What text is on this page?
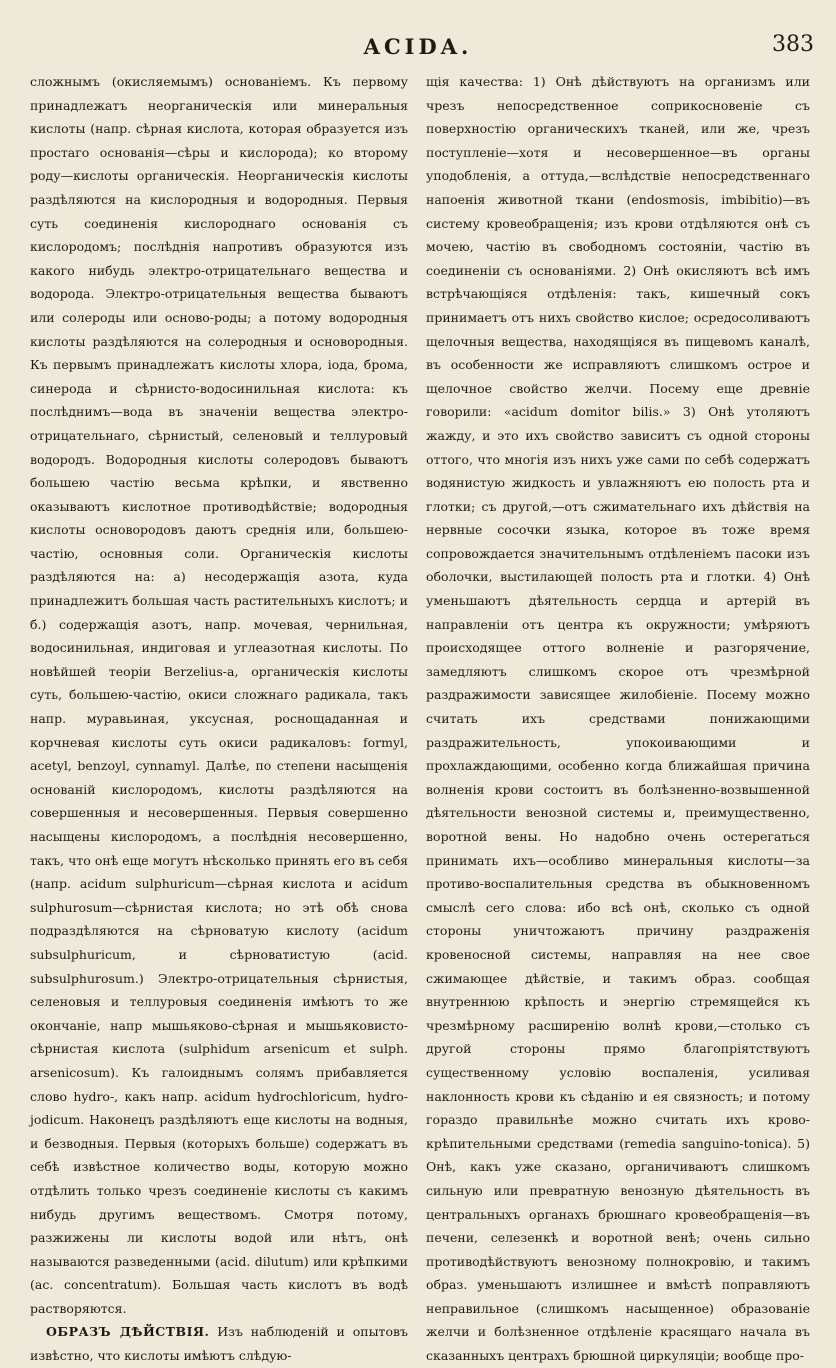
ACIDA.	383

сложнымъ (окисляемымъ) основанiемъ. Къ первому принадлежатъ неорганическiя или минеральныя кислоты (напр. сѣрная кислота, которая образуется изъ простаго основанiя—сѣры и кислорода); ко второму роду—кислоты органическiя. Неорганическiя кислоты раздѣляются на кислородныя и водородныя. Первыя суть соединенiя кислороднаго основанiя съ кислородомъ; послѣднiя напротивъ образуются изъ какого нибудь электро-отрицательнаго вещества и водорода. Электро-отрицательныя вещества бываютъ или солероды или осново-роды; а потому водородныя кислоты раздѣляются на солеродныя и основородныя. Къ первымъ принадлежатъ кислоты хлора, iода, брома, синерода и сѣрнисто-водосинильная кислота: къ послѣднимъ—вода въ значенiи вещества электро-отрицательнаго, сѣрнистый, селеновый и теллуровый водородъ. Водородныя кислоты солеродовъ бываютъ большею частiю весьма крѣпки, и явственно оказываютъ кислотное противодѣйствiе; водородныя кислоты основородовъ даютъ среднiя или, большею-частiю, основныя соли. Органическiя кислоты раздѣляются на: а) несодержащiя азота, куда принадлежитъ большая часть растительныхъ кислотъ; и б.) содержащiя азотъ, напр. мочевая, чернильная, водосинильная, индиговая и углеазотная кислоты. По новѣйшей теорiи Berzelius-а, органическiя кислоты суть, большею-частiю, окиси сложнаго радикала, такъ напр. муравьиная, уксусная, роснощаданная и корчневая кислоты суть окиси радикаловъ: formyl, acetyl, benzoyl, cynnamyl. Далѣе, по степени насыщенiя основанiй кислородомъ, кислоты раздѣляются на совершенныя и несовершенныя. Первыя совершенно насыщены кислородомъ, а послѣднiя несовершенно, такъ, что онѣ еще могутъ нѣсколько принять его въ себя (напр. acidum sulphuricum—сѣрная кислота и acidum sulphurosum—сѣрнистая кислота; но этѣ обѣ снова подраздѣляются на сѣрноватую кислоту (acidum subsulphuricum, и сѣрноватистую (acid. subsulphurosum.) Электро-отрицательныя сѣрнистыя, селеновыя и теллуровыя соединенiя имѣютъ то же окончанiе, напр мышьяково-сѣрная и мышьяковисто-сѣрнистая кислота (sulphidum arsenicum et sulph. arsenicosum). Къ галоиднымъ солямъ прибавляется слово hydro-, какъ напр. acidum hydrochloricum, hydro-jodicum. Наконецъ раздѣляютъ еще кислоты на водныя, и безводныя. Первыя (которыхъ больше) содержатъ въ себѣ извѣстное количество воды, которую можно отдѣлить только чрезъ соединенiе кислоты съ какимъ нибудь другимъ веществомъ. Смотря потому, разжижены ли кислоты водой или нѣтъ, онѣ называются разведенными (acid. dilutum) или крѣпкими (ac. concentratum). Большая часть кислотъ въ водѣ растворяются.

ОБРАЗЪ ДѢЙСТВIЯ. Изъ наблюденiй и опытовъ извѣстно, что кислоты имѣютъ слѣдую-

щiя качества: 1) Онѣ дѣйствуютъ на организмъ или чрезъ непосредственное соприкосновенiе съ поверхностiю органическихъ тканей, или же, чрезъ поступленiе—хотя и несовершенное—въ органы уподобленiя, а оттуда,—вслѣдствiе непосредственнаго напоенiя животной ткани (endosmosis, imbibitio)—въ систему кровеобращенiя; изъ крови отдѣляются онѣ съ мочею, частiю въ свободномъ состоянiи, частiю въ соединенiи съ основанiями. 2) Онѣ окисляютъ всѣ имъ встрѣчающiяся отдѣленiя: такъ, кишечный сокъ принимаетъ отъ нихъ свойство кислое; осредосоливаютъ щелочныя вещества, находящiяся въ пищевомъ каналѣ, въ особенности же исправляютъ слишкомъ острое и щелочное свойство желчи. Посему еще древнiе говорили: «acidum domitor bilis.» 3) Онѣ утоляютъ жажду, и это ихъ свойство зависитъ съ одной стороны оттого, что многiя изъ нихъ уже сами по себѣ содержатъ водянистую жидкость и увлажняютъ ею полость рта и глотки; съ другой,—отъ сжимательнаго ихъ дѣйствiя на нервные сосочки языка, которое въ тоже время сопровождается значительнымъ отдѣленiемъ пасоки изъ оболочки, выстилающей полость рта и глотки. 4) Онѣ уменьшаютъ дѣятельность сердца и артерiй въ направленiи отъ центра къ окружности; умѣряютъ происходящее оттого волненiе и разгорячение, замедляютъ слишкомъ скорое отъ чрезмѣрной раздражимости зависящее жилобiенiе. Посему можно считать ихъ средствами понижающими раздражительность, упокоивающими и прохлаждающими, особенно когда ближайшая причина волненiя крови состоитъ въ болѣзненно-возвышенной дѣятельности венозной системы и, преимущественно, воротной вены. Но надобно очень остерегаться принимать ихъ—особливо минеральныя кислоты—за противо-воспалительныя средства въ обыкновенномъ смыслѣ сего слова: ибо всѣ онѣ, сколько съ одной стороны уничтожаютъ причину раздраженiя кровеносной системы, направляя на нее свое сжимающее дѣйствiе, и такимъ образ. сообщая внутреннюю крѣпость и энергiю стремящейся къ чрезмѣрному расширенiю волнѣ крови,—столько съ другой стороны прямо благопрiятствуютъ существенному условiю воспаленiя, усиливая наклонность крови къ сѣданiю и ея связность; и потому гораздо правильнѣе можно считать ихъ крово-крѣпительными средствами (remedia sanguino-tonica). 5) Онѣ, какъ уже сказано, органичиваютъ слишкомъ сильную или превратную венозную дѣятельность въ центральныхъ органахъ брюшнаго кровеобращенiя—въ печени, селезенкѣ и воротной венѣ; очень сильно противодѣйствуютъ венозному полнокровiю, и такимъ образ. уменьшаютъ излишнее и вмѣстѣ поправляютъ неправильное (слишкомъ насыщенное) образованiе желчи и болѣзненное отдѣленiе красящаго начала въ сказанныхъ центрахъ брюшной циркуляцiи; вообще про-
